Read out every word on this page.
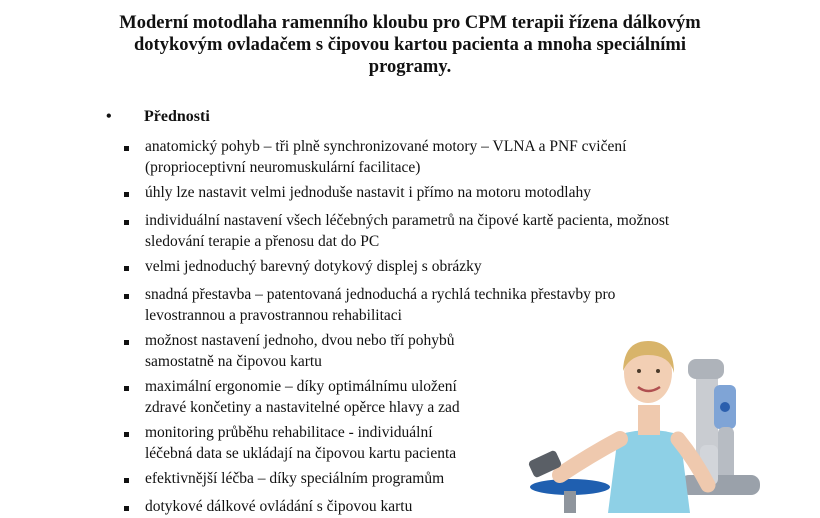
Moderní motodlaha ramenního kloubu pro CPM terapii řízena dálkovým
dotykovým ovladačem s čipovou kartou pacienta a mnoha speciálními
programy.
• Přednosti
anatomický pohyb – tři plně synchronizované motory – VLNA a PNF cvičení
(proprioceptivní neuromuskulární facilitace)
úhly lze nastavit velmi jednoduše nastavit i přímo na motoru motodlahy
individuální nastavení všech léčebných parametrů na čipové kartě pacienta, možnost
sledování terapie a přenosu dat do PC
velmi jednoduchý barevný dotykový displej s obrázky
snadná přestavba – patentovaná jednoduchá a rychlá technika přestavby pro
levostrannou a pravostrannou rehabilitaci
možnost nastavení jednoho, dvou nebo tří pohybů
samostatně na čipovou kartu
maximální ergonomie – díky optimálnímu uložení
zdravé končetiny a nastavitelné opěrce hlavy a zad
monitoring průběhu rehabilitace - individuální
léčebná data se ukládají na čipovou kartu pacienta
efektivnější léčba – díky speciálním programům
dotykové dálkové ovládání s čipovou kartu
